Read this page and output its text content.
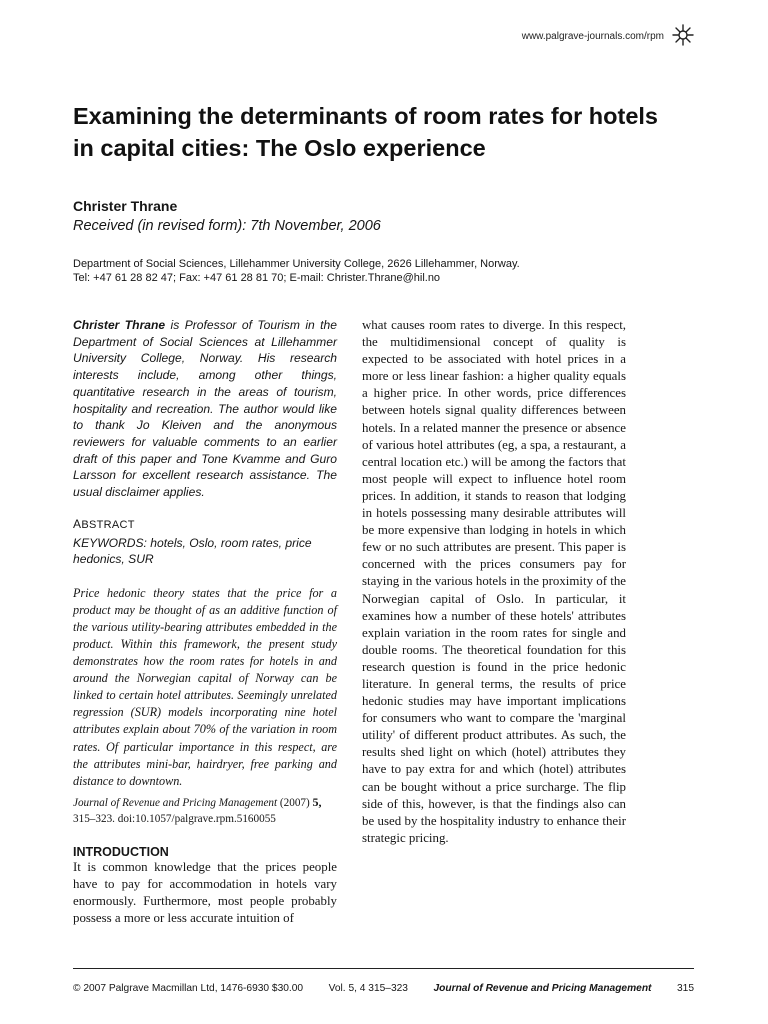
www.palgrave-journals.com/rpm
Examining the determinants of room rates for hotels in capital cities: The Oslo experience
Christer Thrane
Received (in revised form): 7th November, 2006
Department of Social Sciences, Lillehammer University College, 2626 Lillehammer, Norway.
Tel: +47 61 28 82 47; Fax: +47 61 28 81 70; E-mail: Christer.Thrane@hil.no

Christer Thrane is Professor of Tourism in the Department of Social Sciences at Lillehammer University College, Norway. His research interests include, among other things, quantitative research in the areas of tourism, hospitality and recreation. The author would like to thank Jo Kleiven and the anonymous reviewers for valuable comments to an earlier draft of this paper and Tone Kvamme and Guro Larsson for excellent research assistance. The usual disclaimer applies.

ABSTRACT
KEYWORDS: hotels, Oslo, room rates, price hedonics, SUR
Price hedonic theory states that the price for a product may be thought of as an additive function of the various utility-bearing attributes embedded in the product. Within this framework, the present study demonstrates how the room rates for hotels in and around the Norwegian capital of Norway can be linked to certain hotel attributes. Seemingly unrelated regression (SUR) models incorporating nine hotel attributes explain about 70% of the variation in room rates. Of particular importance in this respect, are the attributes mini-bar, hairdryer, free parking and distance to downtown.
Journal of Revenue and Pricing Management (2007) 5, 315–323. doi:10.1057/palgrave.rpm.5160055
INTRODUCTION

It is common knowledge that the prices people have to pay for accommodation in hotels vary enormously. Furthermore, most people probably possess a more or less accurate intuition of

what causes room rates to diverge. In this respect, the multidimensional concept of quality is expected to be associated with hotel prices in a more or less linear fashion: a higher quality equals a higher price. In other words, price differences between hotels signal quality differences between hotels. In a related manner the presence or absence of various hotel attributes (eg, a spa, a restaurant, a central location etc.) will be among the factors that most people will expect to influence hotel room prices. In addition, it stands to reason that lodging in hotels possessing many desirable attributes will be more expensive than lodging in hotels in which few or no such attributes are present. This paper is concerned with the prices consumers pay for staying in the various hotels in the proximity of the Norwegian capital of Oslo. In particular, it examines how a number of these hotels' attributes explain variation in the room rates for single and double rooms. The theoretical foundation for this research question is found in the price hedonic literature. In general terms, the results of price hedonic studies may have important implications for consumers who want to compare the 'marginal utility' of different product attributes. As such, the results shed light on which (hotel) attributes they have to pay extra for and which (hotel) attributes can be bought without a price surcharge. The flip side of this, however, is that the findings also can be used by the hospitality industry to enhance their strategic pricing.

© 2007 Palgrave Macmillan Ltd, 1476-6930 $30.00	Vol. 5, 4 315–323	Journal of Revenue and Pricing Management	315
